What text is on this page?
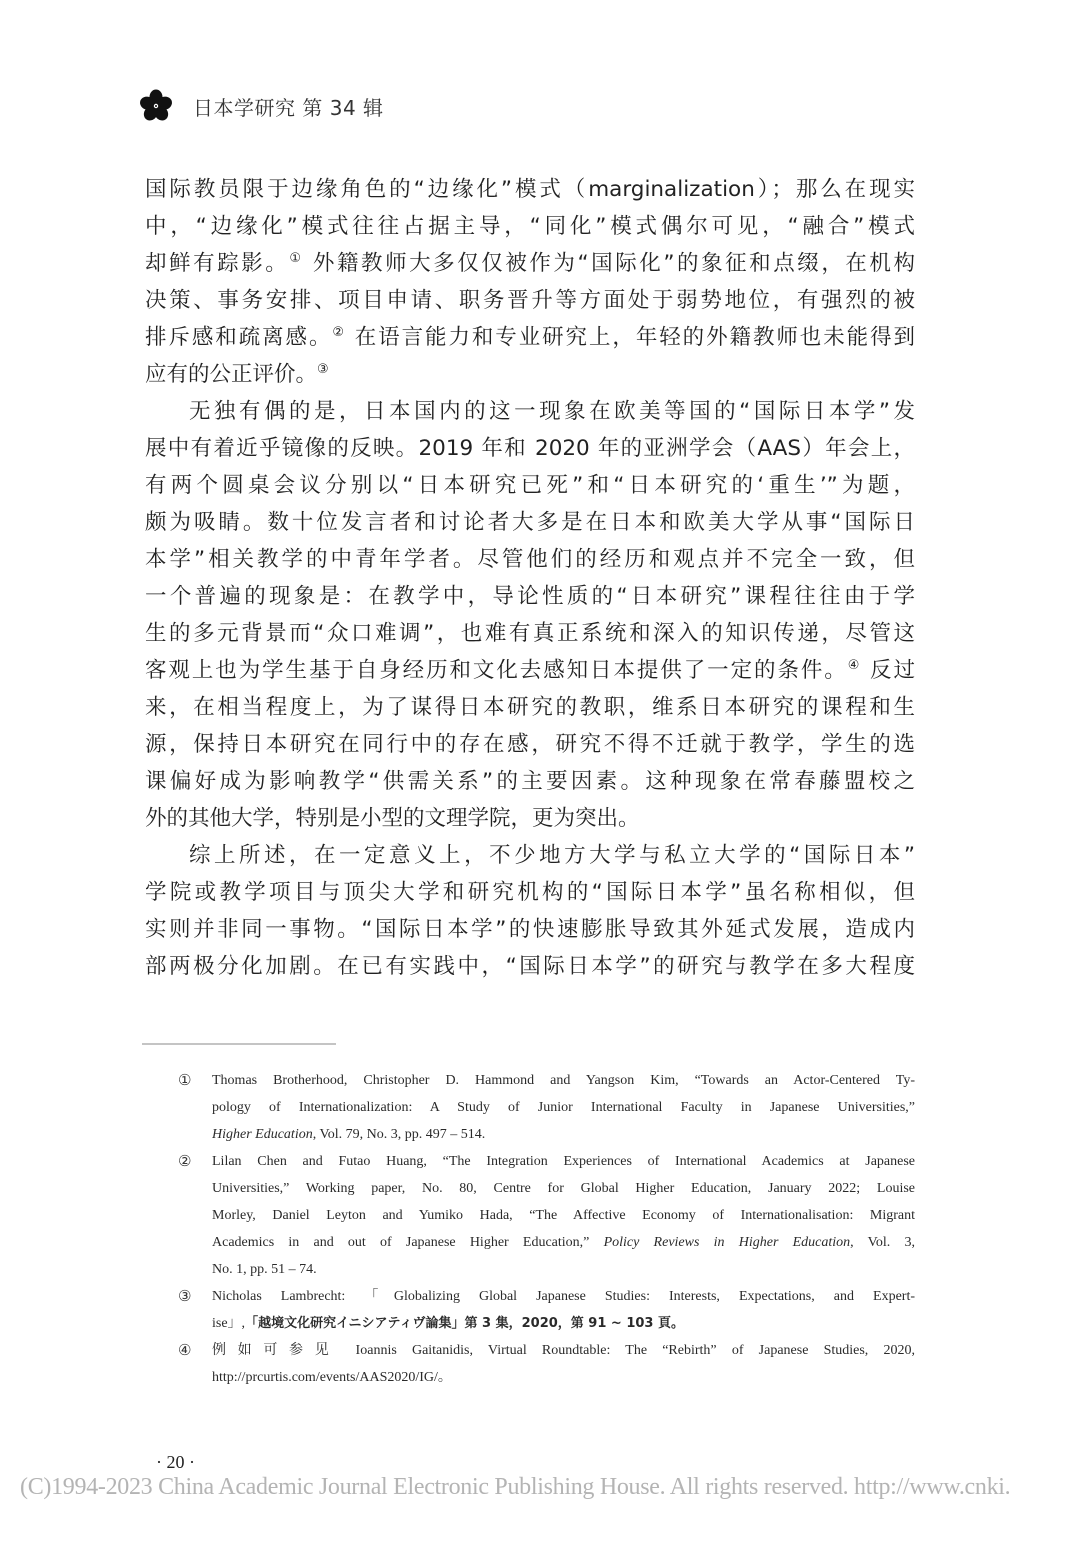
日本学研究 第 34 辑
国际教员限于边缘角色的“边缘化”模式（marginalization）；那么在现实
中，“边缘化”模式往往占据主导，“同化”模式偶尔可见，“融合”模式
却鲜有踪影。① 外籍教师大多仅仅被作为“国际化”的象征和点缀，在机构
决策、事务安排、项目申请、职务晋升等方面处于弱势地位，有强烈的被
排斥感和疏离感。② 在语言能力和专业研究上，年轻的外籍教师也未能得到
应有的公正评价。③
无独有偶的是，日本国内的这一现象在欧美等国的“国际日本学”发
展中有着近乎镜像的反映。2019 年和 2020 年的亚洲学会（AAS）年会上，
有两个圆桌会议分别以“日本研究已死”和“日本研究的‘重生’”为题，
颇为吸睛。数十位发言者和讨论者大多是在日本和欧美大学从事“国际日
本学”相关教学的中青年学者。尽管他们的经历和观点并不完全一致，但
一个普遍的现象是：在教学中，导论性质的“日本研究”课程往往由于学
生的多元背景而“众口难调”，也难有真正系统和深入的知识传递，尽管这
客观上也为学生基于自身经历和文化去感知日本提供了一定的条件。④ 反过
来，在相当程度上，为了谋得日本研究的教职，维系日本研究的课程和生
源，保持日本研究在同行中的存在感，研究不得不迁就于教学，学生的选
课偏好成为影响教学“供需关系”的主要因素。这种现象在常春藤盟校之
外的其他大学，特别是小型的文理学院，更为突出。
综上所述，在一定意义上，不少地方大学与私立大学的“国际日本”
学院或教学项目与顶尖大学和研究机构的“国际日本学”虽名称相似，但
实则并非同一事物。“国际日本学”的快速膨胀导致其外延式发展，造成内
部两极分化加剧。在已有实践中，“国际日本学”的研究与教学在多大程度
① Thomas Brotherhood, Christopher D. Hammond and Yangson Kim, “Towards an Actor-Centered Ty-
pology of Internationalization: A Study of Junior International Faculty in Japanese Universities,”
Higher Education, Vol. 79, No. 3, pp. 497 – 514.
② Lilan Chen and Futao Huang, “The Integration Experiences of International Academics at Japanese
Universities,” Working paper, No. 80, Centre for Global Higher Education, January 2022; Louise
Morley, Daniel Leyton and Yumiko Hada, “The Affective Economy of Internationalisation: Migrant
Academics in and out of Japanese Higher Education,” Policy Reviews in Higher Education, Vol. 3,
No. 1, pp. 51 – 74.
③ Nicholas Lambrecht: 「Globalizing Global Japanese Studies: Interests, Expectations, and Expert-
ise」,「越境文化研究イニシアティヴ論集」第 3 集，2020，第 91 ~ 103 頁。
④ 例如可参见 Ioannis Gaitanidis, Virtual Roundtable: The “Rebirth” of Japanese Studies, 2020,
http://prcurtis.com/events/AAS2020/IG/。
· 20 ·
(C)1994-2023 China Academic Journal Electronic Publishing House. All rights reserved. http://www.cnki.
